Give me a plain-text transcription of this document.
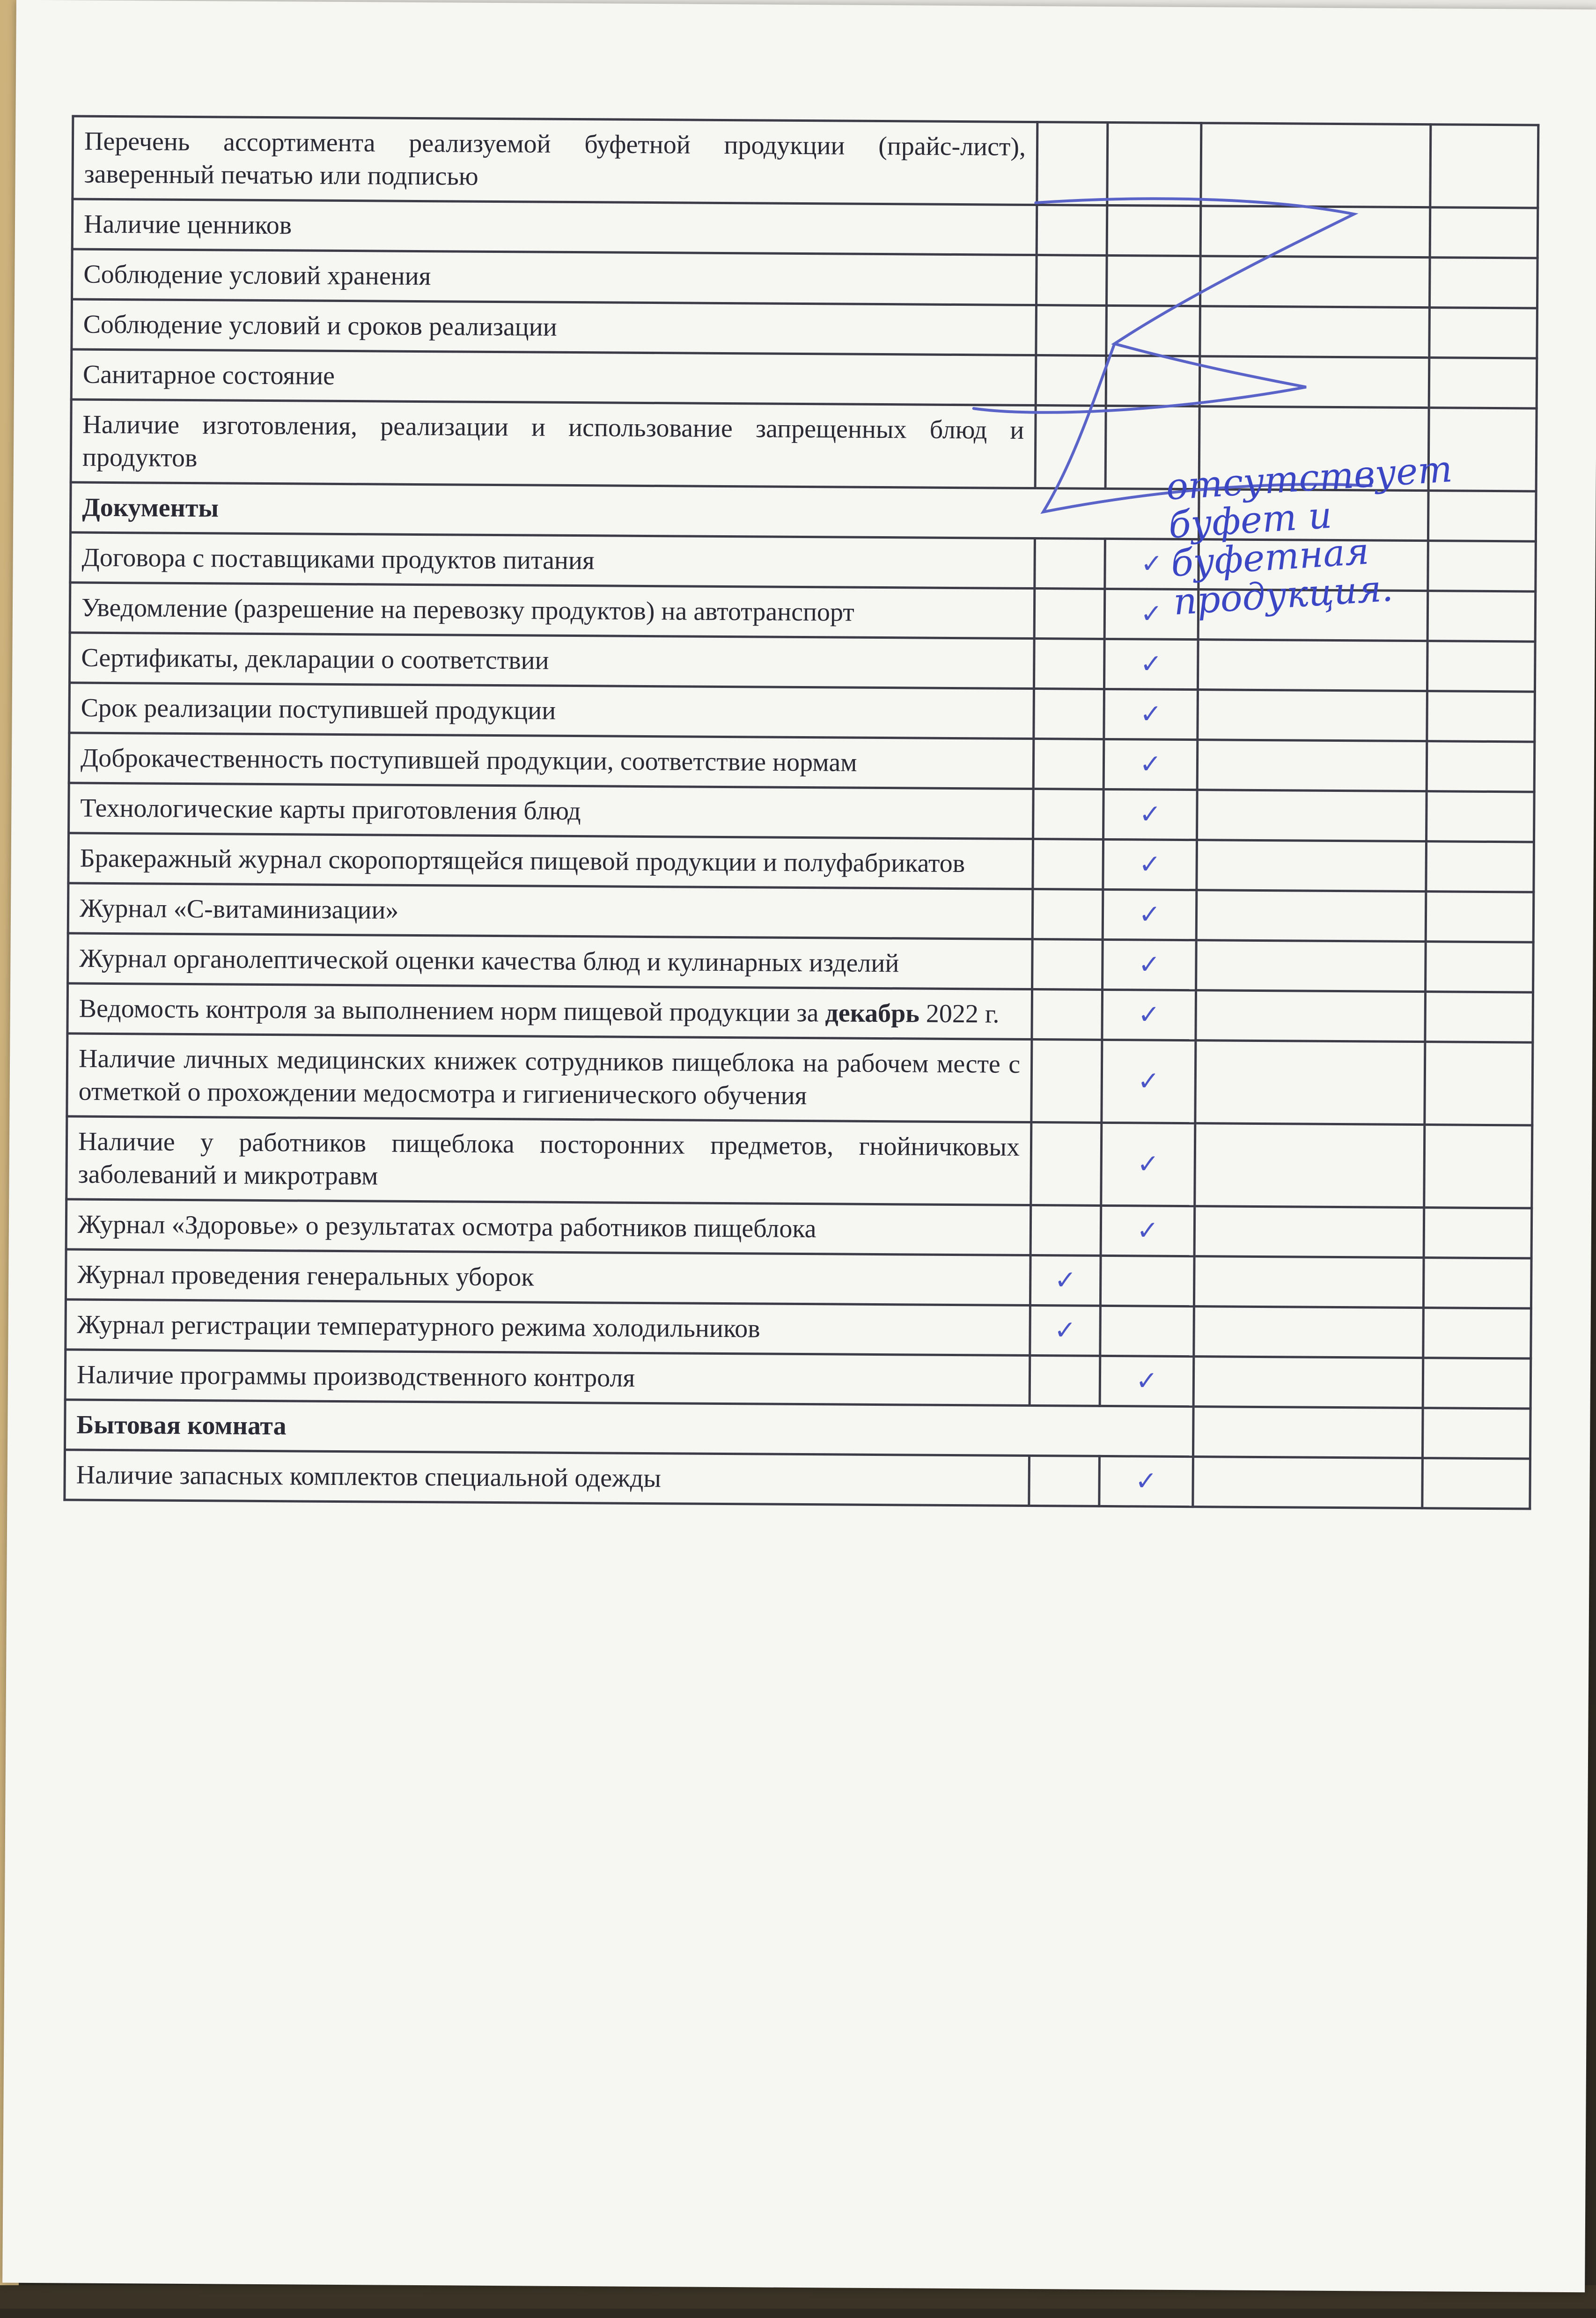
Перечень ассортимента реализуемой буфетной продукции (прайс-лист), заверенный печатью или подписью				
Наличие ценников				
Соблюдение условий хранения				
Соблюдение условий и сроков реализации				
Санитарное состояние				
Наличие изготовления, реализации и использование запрещенных блюд и продуктов				
Документы				
Договора с поставщиками продуктов питания		✓		
Уведомление (разрешение на перевозку продуктов) на автотранспорт		✓		
Сертификаты, декларации о соответствии		✓		
Срок реализации поступившей продукции		✓		
Доброкачественность поступившей продукции, соответствие нормам		✓		
Технологические карты приготовления блюд		✓		
Бракеражный журнал скоропортящейся пищевой продукции и полуфабрикатов		✓		
Журнал «С-витаминизации»		✓		
Журнал органолептической оценки качества блюд и кулинарных изделий		✓		
Ведомость контроля за выполнением норм пищевой продукции за декабрь 2022 г.		✓		
Наличие личных медицинских книжек сотрудников пищеблока на рабочем месте с отметкой о прохождении медосмотра и гигиенического обучения		✓		
Наличие у работников пищеблока посторонних предметов, гнойничковых заболеваний и микротравм		✓		
Журнал «Здоровье» о результатах осмотра работников пищеблока		✓		
Журнал проведения генеральных уборок	✓			
Журнал регистрации температурного режима холодильников	✓			
Наличие программы производственного контроля		✓		
Бытовая комната				
Наличие запасных комплектов специальной одежды		✓		
отсутствует буфет и буфетная продукция.
